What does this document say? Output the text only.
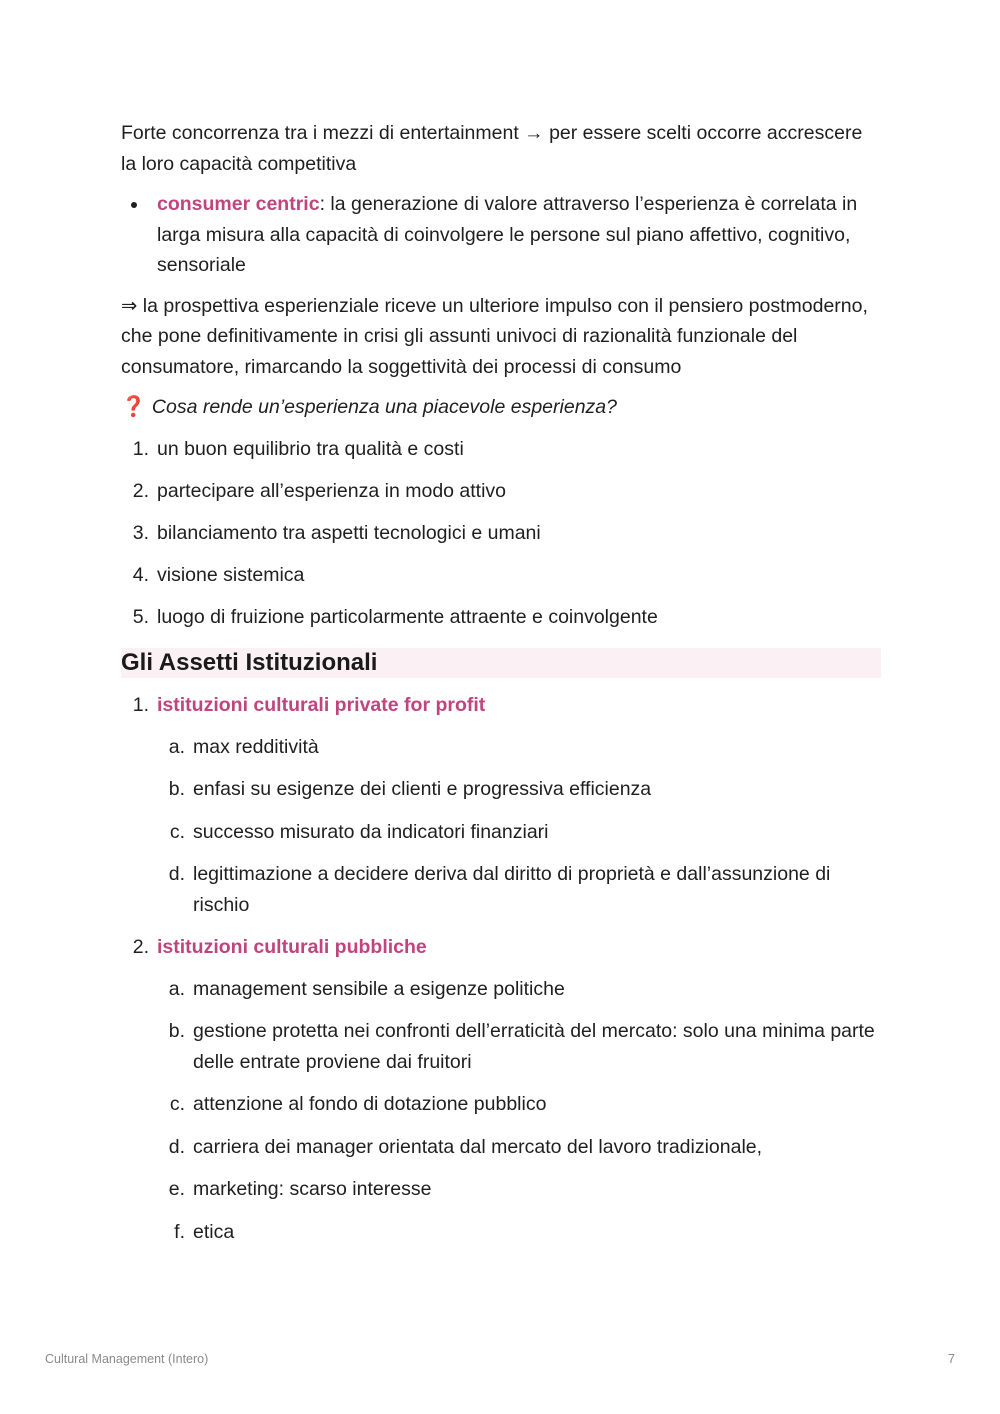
Forte concorrenza tra i mezzi di entertainment → per essere scelti occorre accrescere la loro capacità competitiva

consumer centric: la generazione di valore attraverso l’esperienza è correlata in larga misura alla capacità di coinvolgere le persone sul piano affettivo, cognitivo, sensoriale

⇒ la prospettiva esperienziale riceve un ulteriore impulso con il pensiero postmoderno, che pone definitivamente in crisi gli assunti univoci di razionalità funzionale del consumatore, rimarcando la soggettività dei processi di consumo

❓ Cosa rende un’esperienza una piacevole esperienza?
1. un buon equilibrio tra qualità e costi
2. partecipare all’esperienza in modo attivo
3. bilanciamento tra aspetti tecnologici e umani
4. visione sistemica
5. luogo di fruizione particolarmente attraente e coinvolgente
Gli Assetti Istituzionali
1. istituzioni culturali private for profit
a. max redditività
b. enfasi su esigenze dei clienti e progressiva efficienza
c. successo misurato da indicatori finanziari
d. legittimazione a decidere deriva dal diritto di proprietà e dall’assunzione di rischio
2. istituzioni culturali pubbliche
a. management sensibile a esigenze politiche
b. gestione protetta nei confronti dell’erraticità del mercato: solo una minima parte delle entrate proviene dai fruitori
c. attenzione al fondo di dotazione pubblico
d. carriera dei manager orientata dal mercato del lavoro tradizionale,
e. marketing: scarso interesse
f. etica
Cultural Management (Intero)	7
